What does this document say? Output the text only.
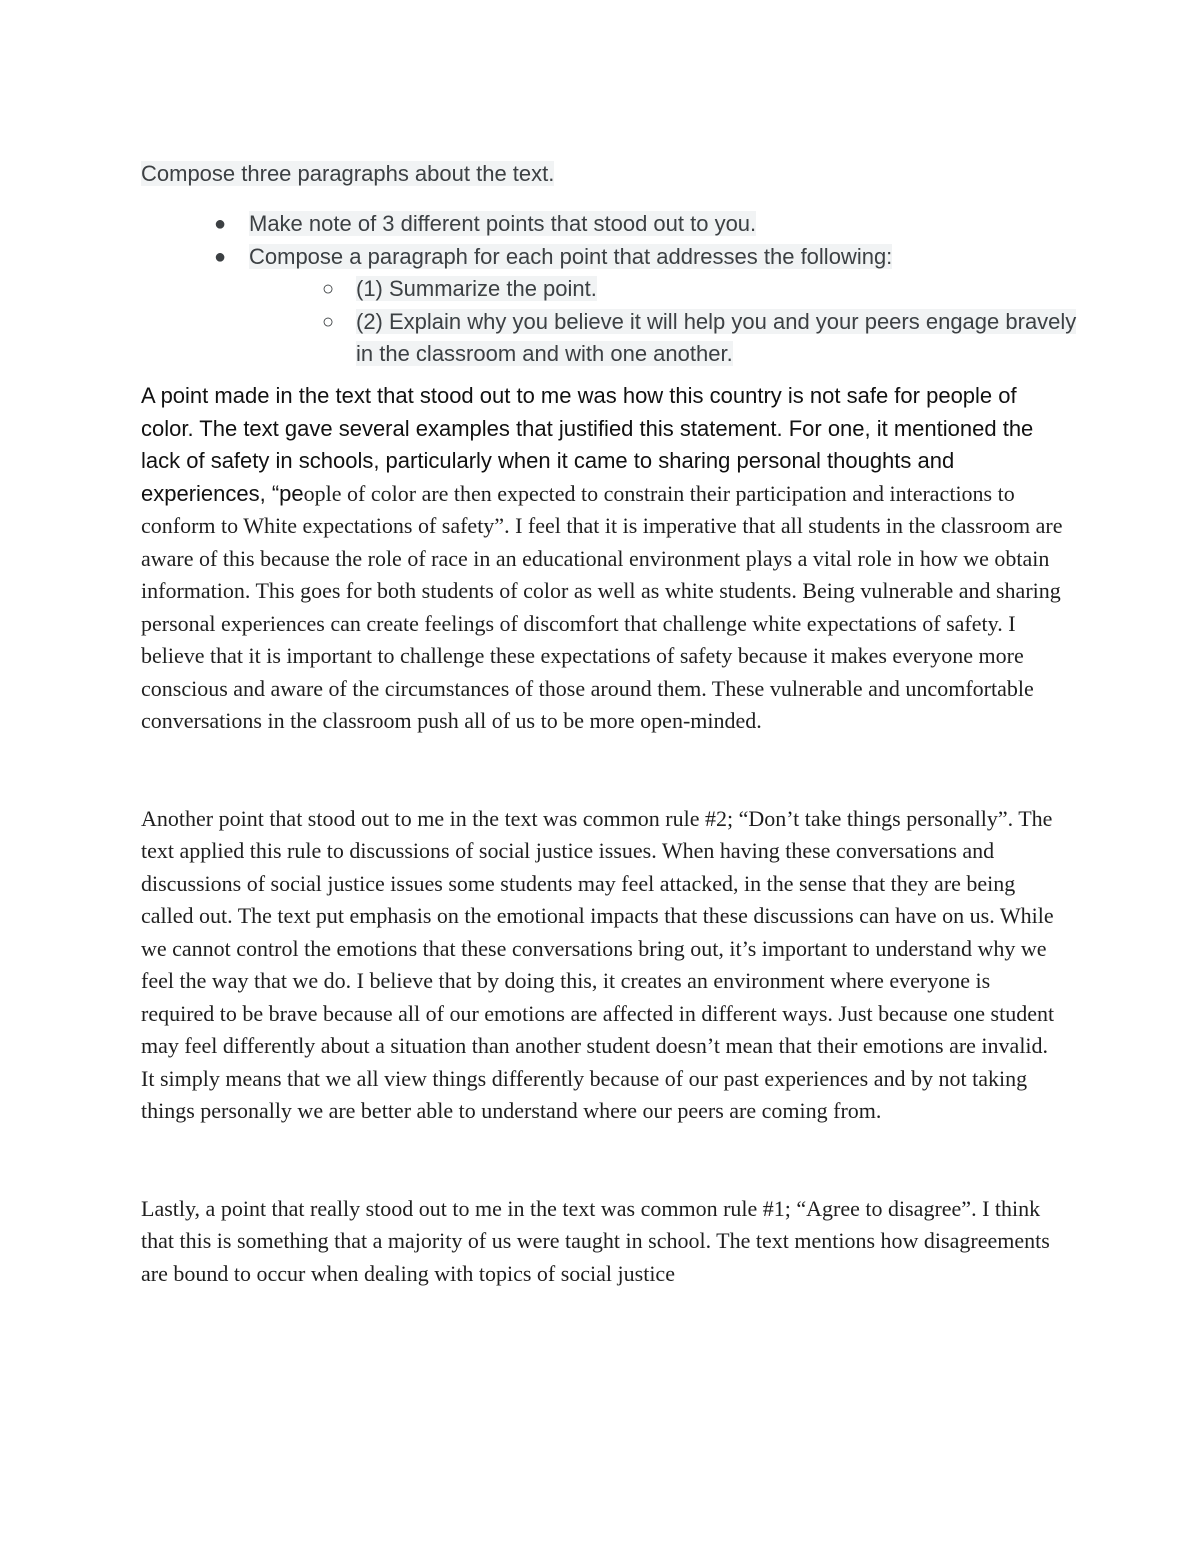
Compose three paragraphs about the text.

● Make note of 3 different points that stood out to you.
● Compose a paragraph for each point that addresses the following:
○ (1) Summarize the point.
○ (2) Explain why you believe it will help you and your peers engage bravely in the classroom and with one another.

A point made in the text that stood out to me was how this country is not safe for people of color. The text gave several examples that justified this statement. For one, it mentioned the lack of safety in schools, particularly when it came to sharing personal thoughts and experiences, “people of color are then expected to constrain their participation and interactions to conform to White expectations of safety”. I feel that it is imperative that all students in the classroom are aware of this because the role of race in an educational environment plays a vital role in how we obtain information. This goes for both students of color as well as white students. Being vulnerable and sharing personal experiences can create feelings of discomfort that challenge white expectations of safety. I believe that it is important to challenge these expectations of safety because it makes everyone more conscious and aware of the circumstances of those around them. These vulnerable and uncomfortable conversations in the classroom push all of us to be more open-minded.

Another point that stood out to me in the text was common rule #2; “Don’t take things personally”. The text applied this rule to discussions of social justice issues. When having these conversations and discussions of social justice issues some students may feel attacked, in the sense that they are being called out. The text put emphasis on the emotional impacts that these discussions can have on us. While we cannot control the emotions that these conversations bring out, it’s important to understand why we feel the way that we do. I believe that by doing this, it creates an environment where everyone is required to be brave because all of our emotions are affected in different ways. Just because one student may feel differently about a situation than another student doesn’t mean that their emotions are invalid. It simply means that we all view things differently because of our past experiences and by not taking things personally we are better able to understand where our peers are coming from.

Lastly, a point that really stood out to me in the text was common rule #1; “Agree to disagree”. I think that this is something that a majority of us were taught in school. The text mentions how disagreements are bound to occur when dealing with topics of social justice
